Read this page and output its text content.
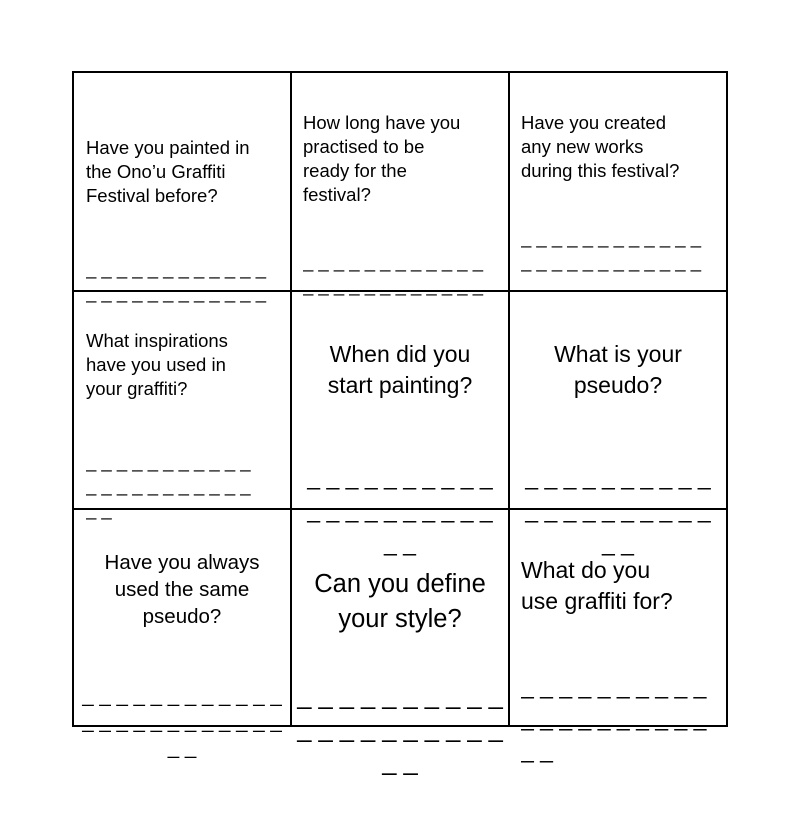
Have you painted in
the Ono’u Graffiti
Festival before?

_ _ _ _ _ _ _ _ _ _ _ _
_ _ _ _ _ _ _ _ _ _ _ _

How long have you
practised to be
ready for the
festival?

_ _ _ _ _ _ _ _ _ _ _ _
_ _ _ _ _ _ _ _ _ _ _ _

Have you created
any new works
during this festival?

_ _ _ _ _ _ _ _ _ _ _ _
_ _ _ _ _ _ _ _ _ _ _ _

What inspirations
have you used in
your graffiti?

_ _ _ _ _ _ _ _ _ _ _
_ _ _ _ _ _ _ _ _ _ _
_ _

When did you
start painting?

_ _ _ _ _ _ _ _ _ _
_ _ _ _ _ _ _ _ _ _
_ _

What is your
pseudo?

_ _ _ _ _ _ _ _ _ _
_ _ _ _ _ _ _ _ _ _
_ _

Have you always
used the same
pseudo?

_ _ _ _ _ _ _ _ _ _ _ _
_ _ _ _ _ _ _ _ _ _ _ _
_ _

Can you define
your style?

_ _ _ _ _ _ _ _ _ _
_ _ _ _ _ _ _ _ _ _
_ _

What do you
use graffiti for?

_ _ _ _ _ _ _ _ _ _
_ _ _ _ _ _ _ _ _ _
_ _
